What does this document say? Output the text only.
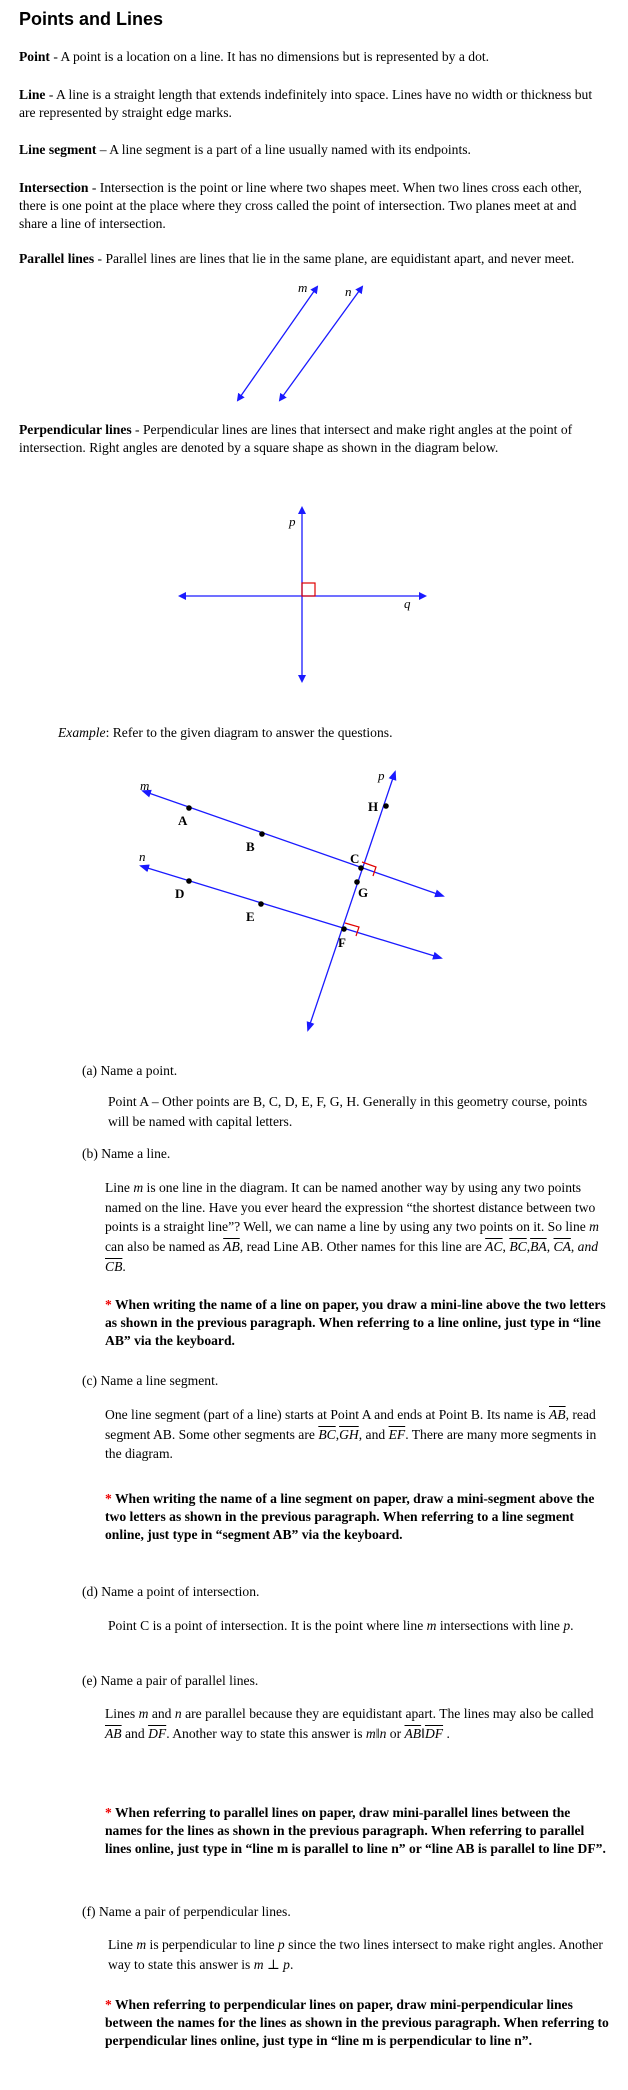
Points and Lines
Point - A point is a location on a line. It has no dimensions but is represented by a dot.
Line - A line is a straight length that extends indefinitely into space. Lines have no width or thickness but are represented by straight edge marks.
Line segment – A line segment is a part of a line usually named with its endpoints.
Intersection - Intersection is the point or line where two shapes meet. When two lines cross each other, there is one point at the place where they cross called the point of intersection. Two planes meet at and share a line of intersection.
Parallel lines - Parallel lines are lines that lie in the same plane, are equidistant apart, and never meet.
m	n
Perpendicular lines - Perpendicular lines are lines that intersect and make right angles at the point of intersection. Right angles are denoted by a square shape as shown in the diagram below.
p
q
Example: Refer to the given diagram to answer the questions.
m
n
p
A
B
C
D
E
F
G
H
(a) Name a point.
Point A – Other points are B, C, D, E, F, G, H. Generally in this geometry course, points will be named with capital letters.
(b) Name a line.
Line m is one line in the diagram. It can be named another way by using any two points named on the line. Have you ever heard the expression “the shortest distance between two points is a straight line”? Well, we can name a line by using any two points on it. So line m can also be named as $\overline{AB}$, read Line AB. Other names for this line are $\overline{AC}$, $\overline{BC},\overline{BA}$, $\overline{CA}$, and $\overline{CB}$.
* When writing the name of a line on paper, you draw a mini-line above the two letters as shown in the previous paragraph. When referring to a line online, just type in “line AB” via the keyboard.
(c) Name a line segment.
One line segment (part of a line) starts at Point A and ends at Point B. Its name is $\overline{AB}$, read segment AB. Some other segments are $\overline{BC},\overline{GH}$, and $\overline{EF}$. There are many more segments in the diagram.
* When writing the name of a line segment on paper, draw a mini-segment above the two letters as shown in the previous paragraph. When referring to a line segment online, just type in “segment AB” via the keyboard.
(d) Name a point of intersection.
Point C is a point of intersection. It is the point where line m intersections with line p.
(e) Name a pair of parallel lines.
Lines m and n are parallel because they are equidistant apart. The lines may also be called $\overline{AB}$ and $\overline{DF}$. Another way to state this answer is m‖n or $\overline{AB}‖\overline{DF}$ .
* When referring to parallel lines on paper, draw mini-parallel lines between the names for the lines as shown in the previous paragraph. When referring to parallel lines online, just type in “line m is parallel to line n” or “line AB is parallel to line DF”.
(f) Name a pair of perpendicular lines.
Line m is perpendicular to line p since the two lines intersect to make right angles. Another way to state this answer is m ⊥ p.
* When referring to perpendicular lines on paper, draw mini-perpendicular lines between the names for the lines as shown in the previous paragraph. When referring to perpendicular lines online, just type in “line m is perpendicular to line n”.
